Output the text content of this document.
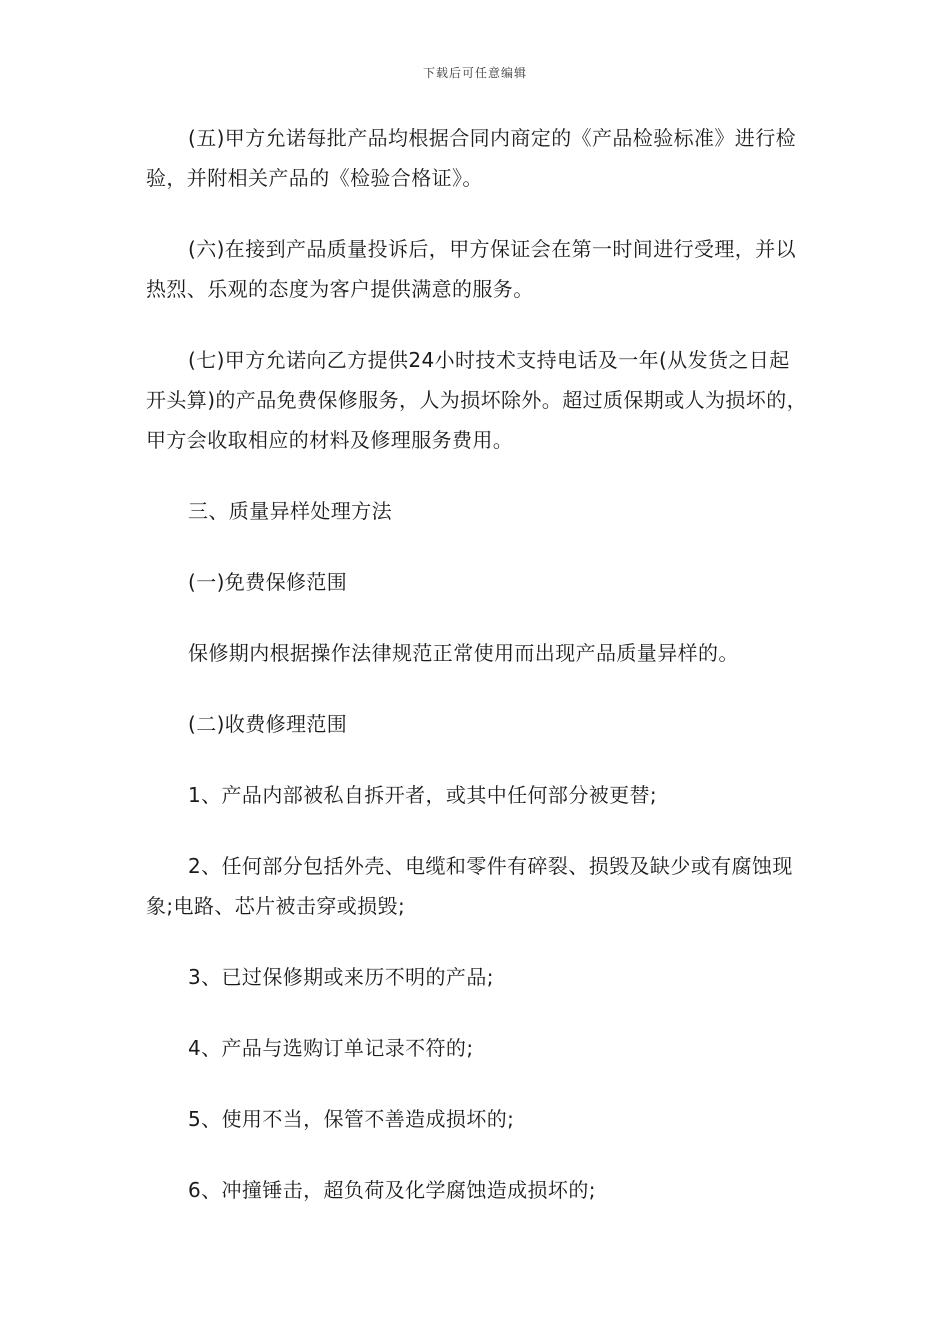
下载后可任意编辑

(五)甲方允诺每批产品均根据合同内商定的《产品检验标准》进行检验，并附相关产品的《检验合格证》。

(六)在接到产品质量投诉后，甲方保证会在第一时间进行受理，并以热烈、乐观的态度为客户提供满意的服务。

(七)甲方允诺向乙方提供24小时技术支持电话及一年(从发货之日起开头算)的产品免费保修服务，人为损坏除外。超过质保期或人为损坏的，甲方会收取相应的材料及修理服务费用。

三、质量异样处理方法

(一)免费保修范围

保修期内根据操作法律规范正常使用而出现产品质量异样的。

(二)收费修理范围

1、产品内部被私自拆开者，或其中任何部分被更替;

2、任何部分包括外壳、电缆和零件有碎裂、损毁及缺少或有腐蚀现象;电路、芯片被击穿或损毁;

3、已过保修期或来历不明的产品;

4、产品与选购订单记录不符的;

5、使用不当，保管不善造成损坏的;

6、冲撞锤击，超负荷及化学腐蚀造成损坏的;
